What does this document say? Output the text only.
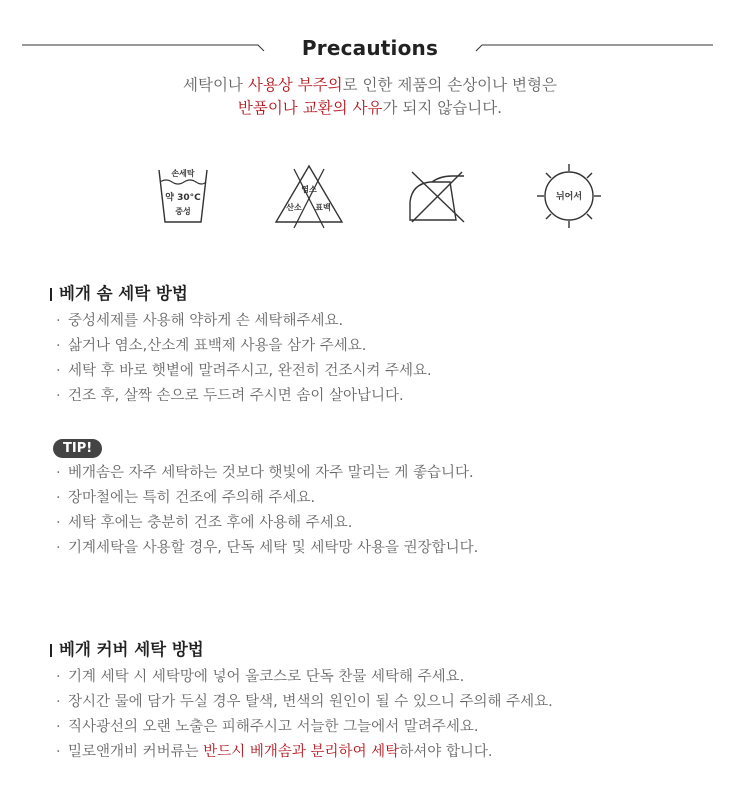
Precautions
세탁이나 사용상 부주의로 인한 제품의 손상이나 변형은
반품이나 교환의 사유가 되지 않습니다.
손세탁
약 30°C
중성
염소
산소 표백
뉘어서
베개 솜 세탁 방법
· 중성세제를 사용해 약하게 손 세탁해주세요.
· 삶거나 염소,산소계 표백제 사용을 삼가 주세요.
· 세탁 후 바로 햇볕에 말려주시고, 완전히 건조시켜 주세요.
· 건조 후, 살짝 손으로 두드려 주시면 솜이 살아납니다.
TIP!
· 베개솜은 자주 세탁하는 것보다 햇빛에 자주 말리는 게 좋습니다.
· 장마철에는 특히 건조에 주의해 주세요.
· 세탁 후에는 충분히 건조 후에 사용해 주세요.
· 기계세탁을 사용할 경우, 단독 세탁 및 세탁망 사용을 권장합니다.
베개 커버 세탁 방법
· 기계 세탁 시 세탁망에 넣어 울코스로 단독 찬물 세탁해 주세요.
· 장시간 물에 담가 두실 경우 탈색, 변색의 원인이 될 수 있으니 주의해 주세요.
· 직사광선의 오랜 노출은 피해주시고 서늘한 그늘에서 말려주세요.
· 밀로앤개비 커버류는 반드시 베개솜과 분리하여 세탁하셔야 합니다.
